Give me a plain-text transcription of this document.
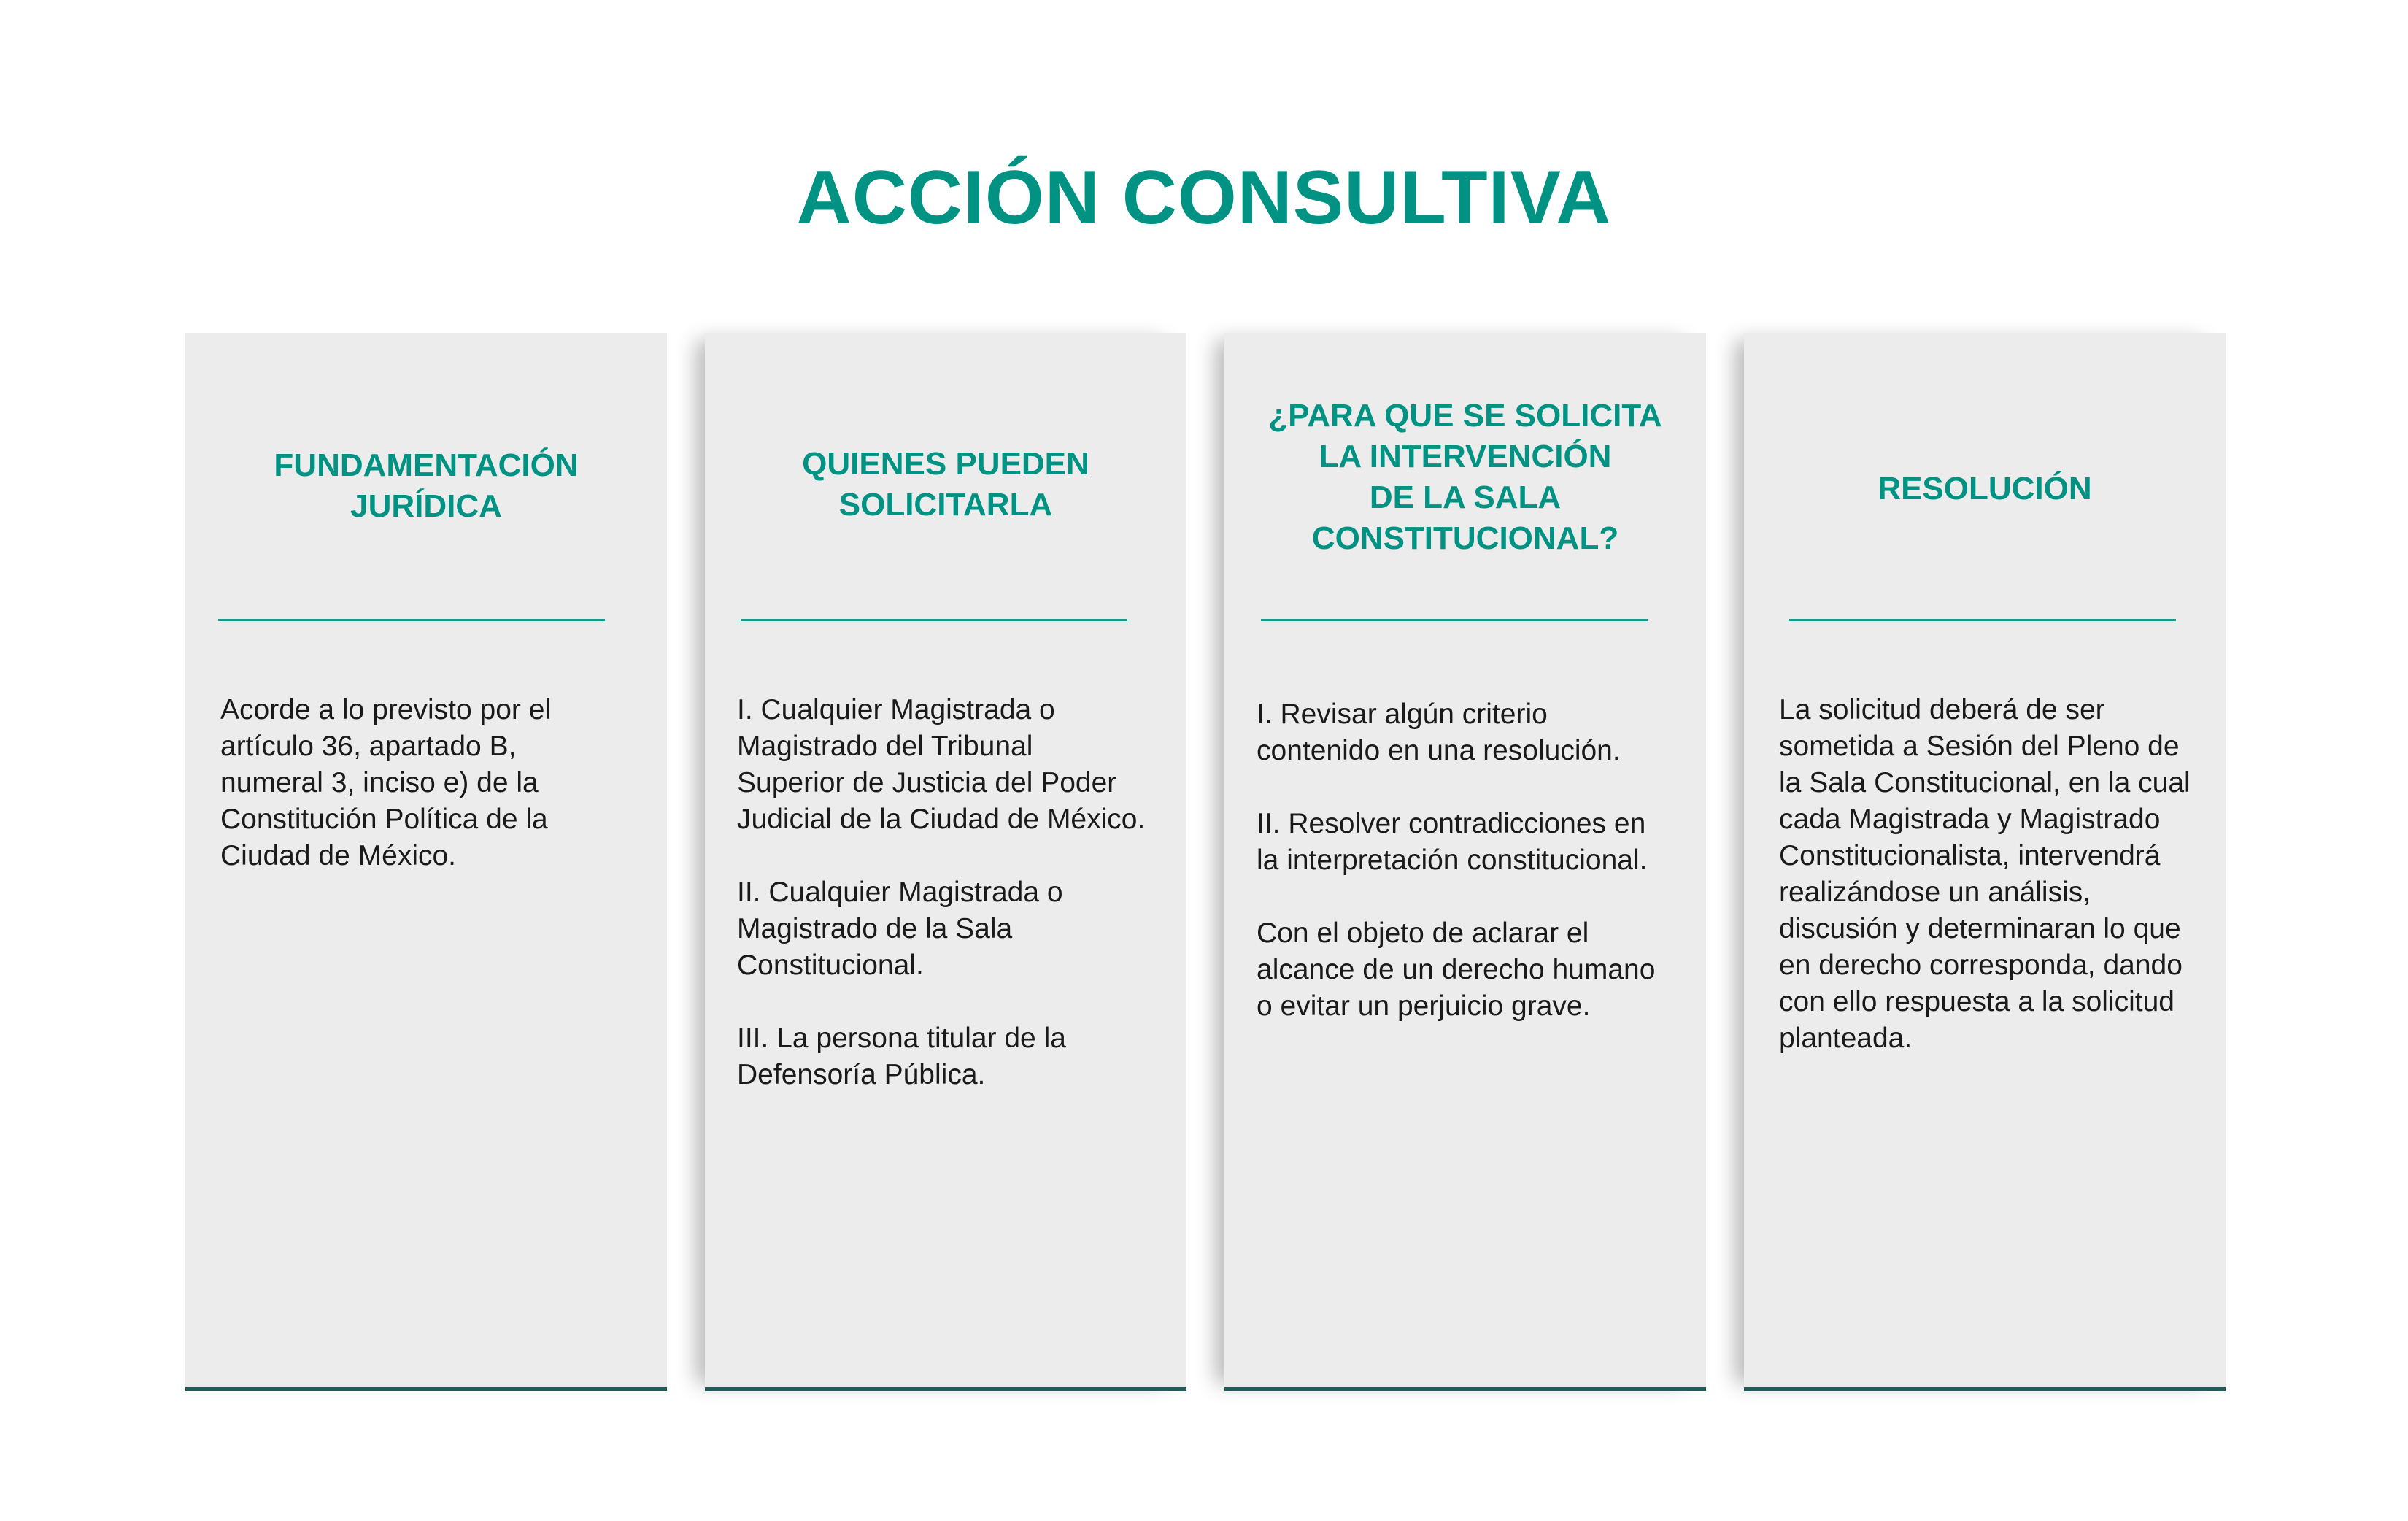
ACCIÓN CONSULTIVA
FUNDAMENTACIÓN
JURÍDICA

Acorde a lo previsto por el
artículo 36, apartado B,
numeral 3, inciso e) de la
Constitución Política de la
Ciudad de México.

QUIENES PUEDEN
SOLICITARLA

I. Cualquier Magistrada o
Magistrado del Tribunal
Superior de Justicia del Poder
Judicial de la Ciudad de México.

II. Cualquier Magistrada o
Magistrado de la Sala
Constitucional.

III. La persona titular de la
Defensoría Pública.

¿PARA QUE SE SOLICITA
LA INTERVENCIÓN
DE LA SALA
CONSTITUCIONAL?

I. Revisar algún criterio
contenido en una resolución.

II. Resolver contradicciones en
la interpretación constitucional.

Con el objeto de aclarar el
alcance de un derecho humano
o evitar un perjuicio grave.

RESOLUCIÓN

La solicitud deberá de ser
sometida a Sesión del Pleno de
la Sala Constitucional, en la cual
cada Magistrada y Magistrado
Constitucionalista, intervendrá
realizándose un análisis,
discusión y determinaran lo que
en derecho corresponda, dando
con ello respuesta a la solicitud
planteada.
